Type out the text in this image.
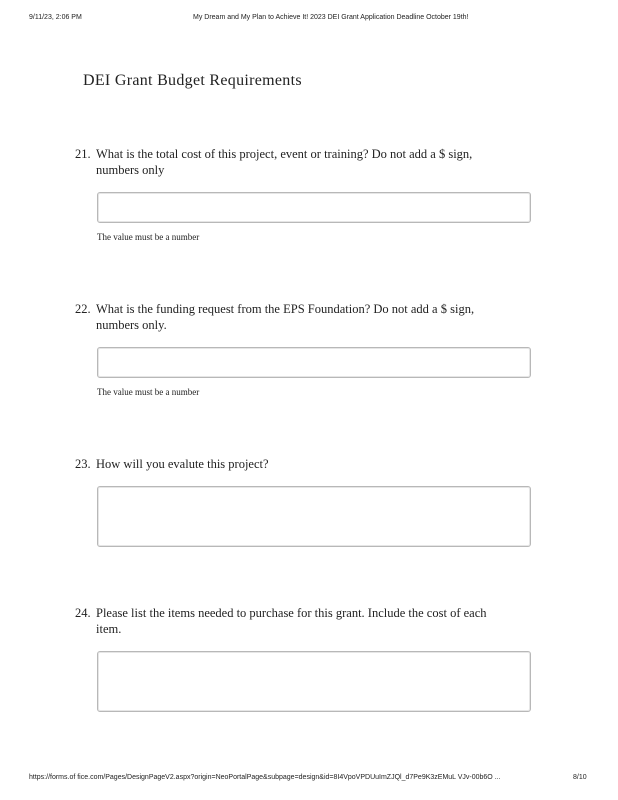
9/11/23, 2:06 PM	My Dream and My Plan to Achieve It! 2023 DEI Grant Application Deadline October 19th!
DEI Grant Budget Requirements
21. What is the total cost of this project, event or training? Do not add a $ sign, numbers only
The value must be a number
22. What is the funding request from the EPS Foundation? Do not add a $ sign, numbers only.
The value must be a number
23. How will you evalute this project?
24. Please list the items needed to purchase for this grant. Include the cost of each item.
https://forms.of fice.com/Pages/DesignPageV2.aspx?origin=NeoPortalPage&subpage=design&id=8I4VpoVPDUuImZJQl_d7Pe9K3zEMuL VJv-00b6O ...	8/10
